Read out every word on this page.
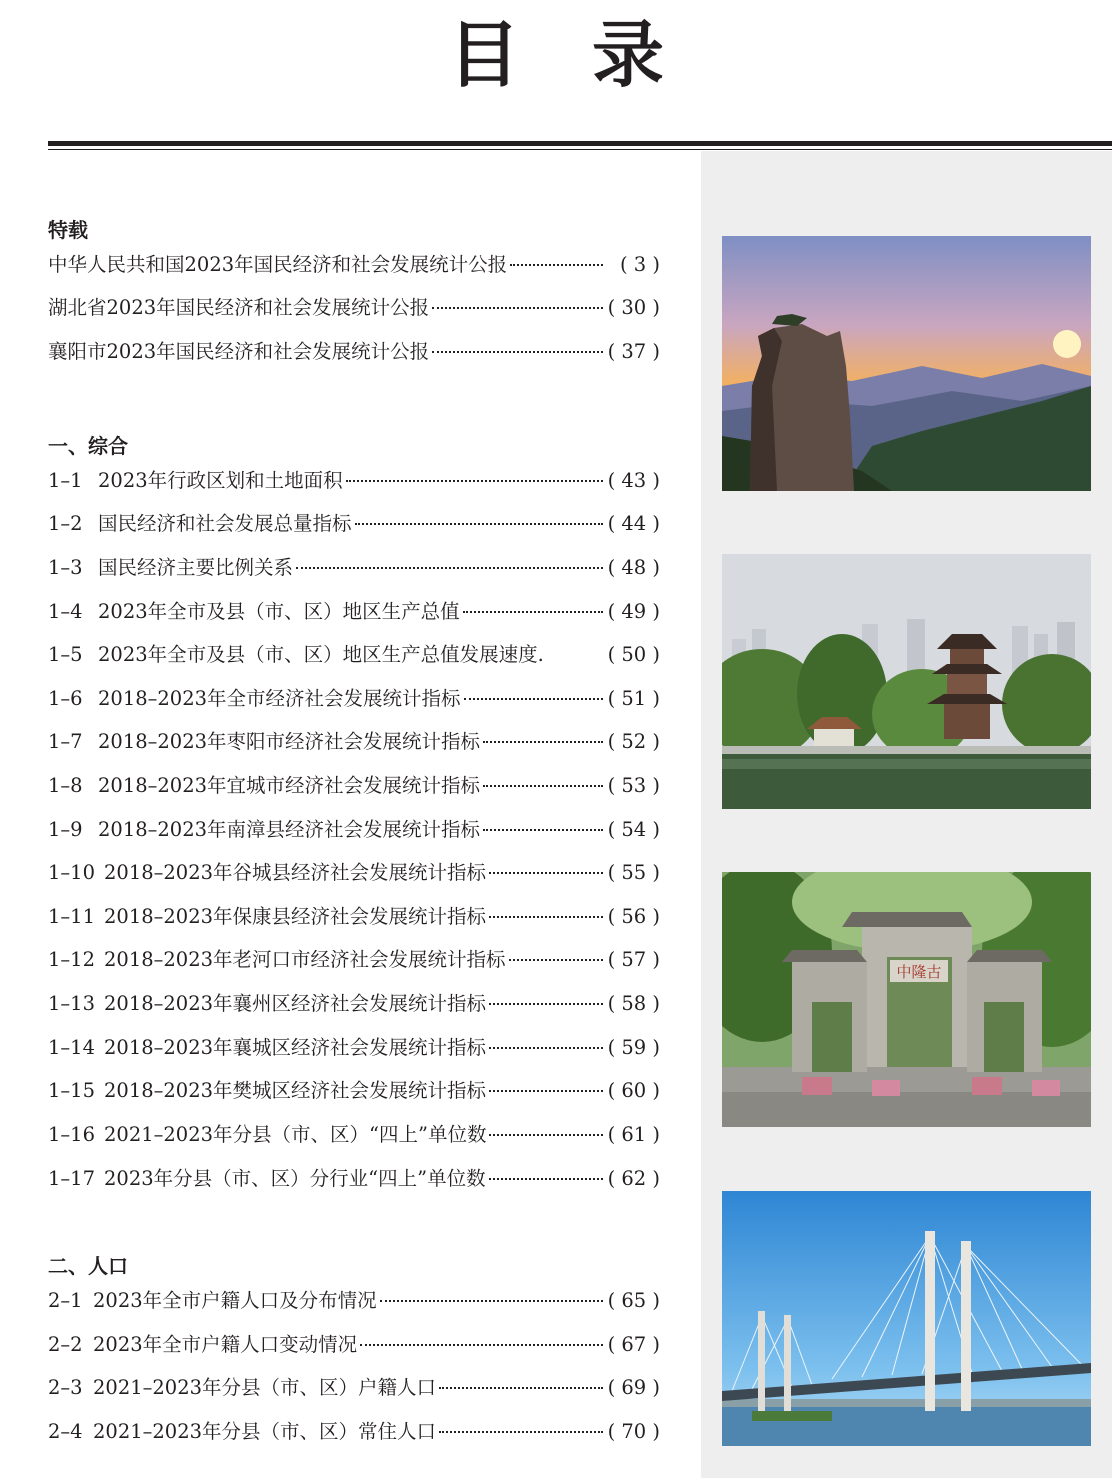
目 录
特载
中华人民共和国2023年国民经济和社会发展统计公报	( 3 )
湖北省2023年国民经济和社会发展统计公报	( 30 )
襄阳市2023年国民经济和社会发展统计公报	( 37 )
一、综合
1–1 2023年行政区划和土地面积	( 43 )
1–2 国民经济和社会发展总量指标	( 44 )
1–3 国民经济主要比例关系	( 48 )
1–4 2023年全市及县（市、区）地区生产总值	( 49 )
1–5 2023年全市及县（市、区）地区生产总值发展速度.	( 50 )
1–6 2018–2023年全市经济社会发展统计指标	( 51 )
1–7 2018–2023年枣阳市经济社会发展统计指标	( 52 )
1–8 2018–2023年宜城市经济社会发展统计指标	( 53 )
1–9 2018–2023年南漳县经济社会发展统计指标	( 54 )
1–10 2018–2023年谷城县经济社会发展统计指标	( 55 )
1–11 2018–2023年保康县经济社会发展统计指标	( 56 )
1–12 2018–2023年老河口市经济社会发展统计指标	( 57 )
1–13 2018–2023年襄州区经济社会发展统计指标	( 58 )
1–14 2018–2023年襄城区经济社会发展统计指标	( 59 )
1–15 2018–2023年樊城区经济社会发展统计指标	( 60 )
1–16 2021–2023年分县（市、区）“四上”单位数	( 61 )
1–17 2023年分县（市、区）分行业“四上”单位数	( 62 )
二、人口
2–1 2023年全市户籍人口及分布情况	( 65 )
2–2 2023年全市户籍人口变动情况	( 67 )
2–3 2021–2023年分县（市、区）户籍人口	( 69 )
2–4 2021–2023年分县（市、区）常住人口	( 70 )
中隆古
